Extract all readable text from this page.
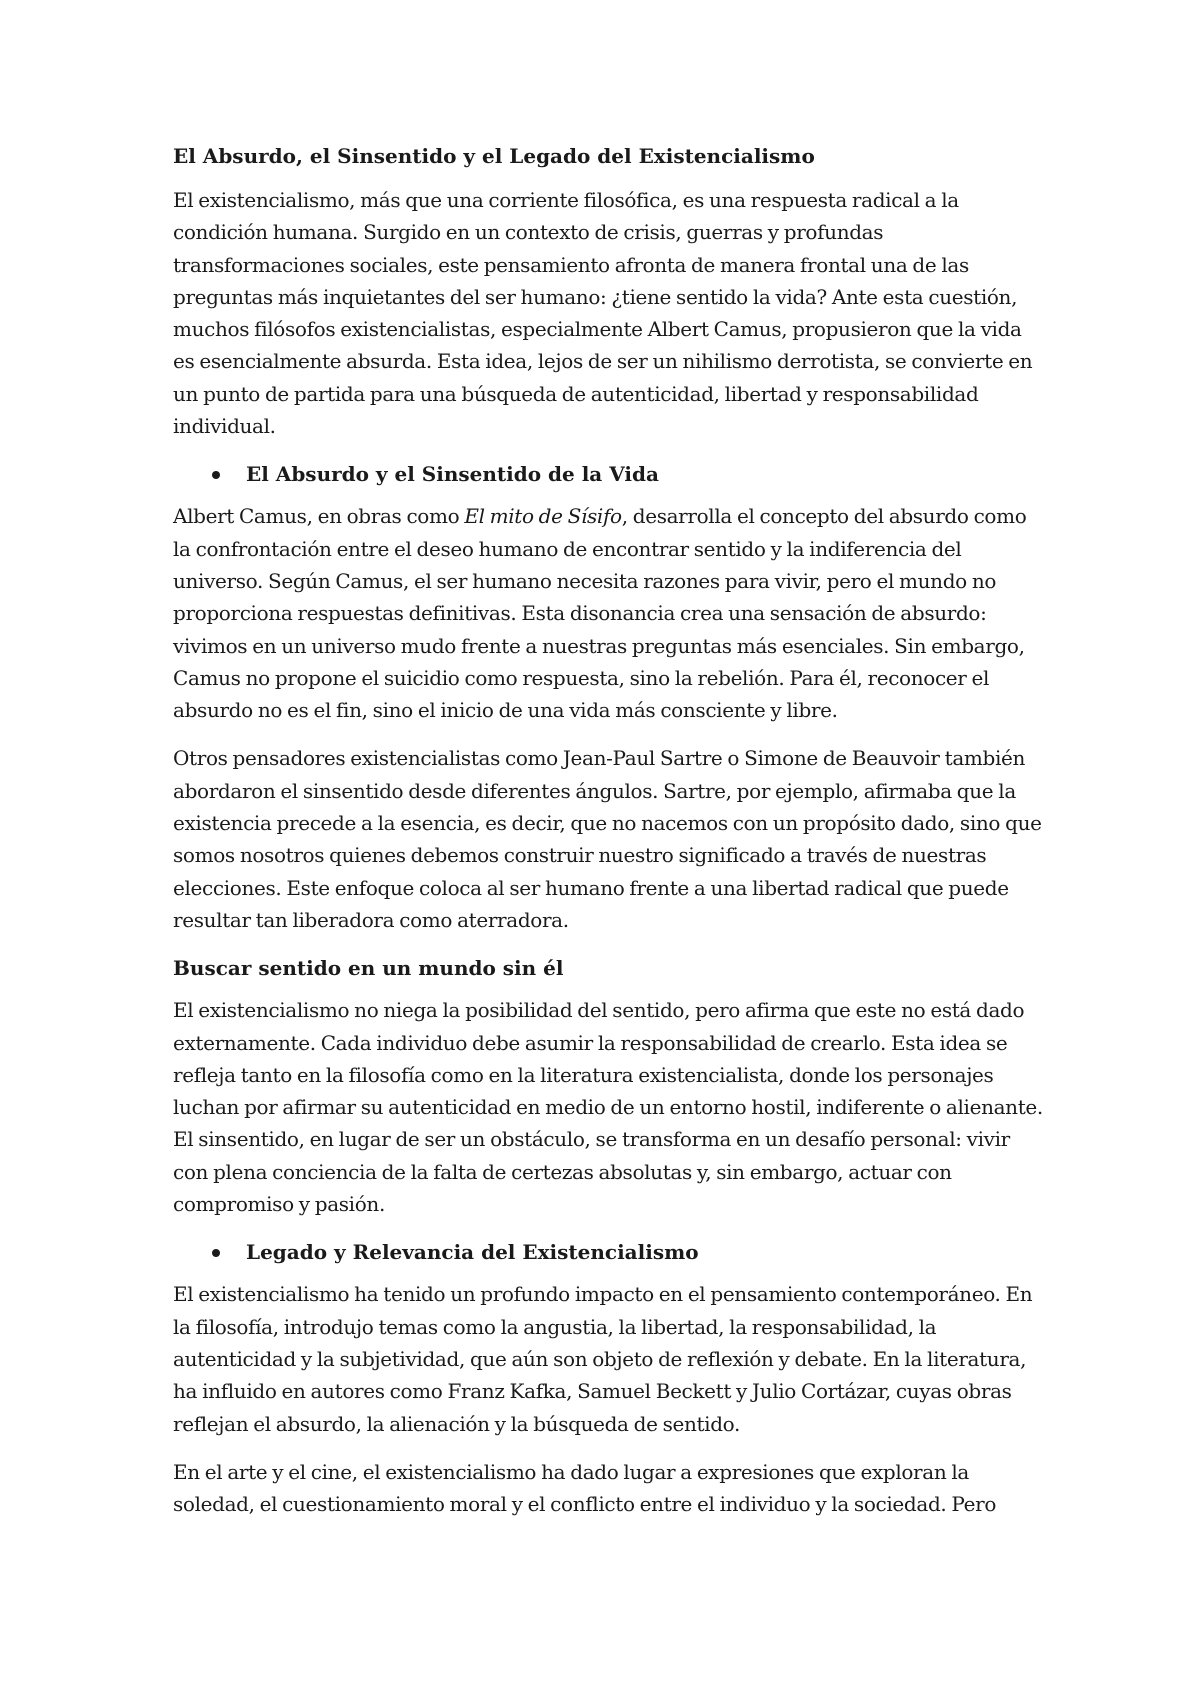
El Absurdo, el Sinsentido y el Legado del Existencialismo

El existencialismo, más que una corriente filosófica, es una respuesta radical a la condición humana. Surgido en un contexto de crisis, guerras y profundas transformaciones sociales, este pensamiento afronta de manera frontal una de las preguntas más inquietantes del ser humano: ¿tiene sentido la vida? Ante esta cuestión, muchos filósofos existencialistas, especialmente Albert Camus, propusieron que la vida es esencialmente absurda. Esta idea, lejos de ser un nihilismo derrotista, se convierte en un punto de partida para una búsqueda de autenticidad, libertad y responsabilidad individual.

El Absurdo y el Sinsentido de la Vida

Albert Camus, en obras como El mito de Sísifo, desarrolla el concepto del absurdo como la confrontación entre el deseo humano de encontrar sentido y la indiferencia del universo. Según Camus, el ser humano necesita razones para vivir, pero el mundo no proporciona respuestas definitivas. Esta disonancia crea una sensación de absurdo: vivimos en un universo mudo frente a nuestras preguntas más esenciales. Sin embargo, Camus no propone el suicidio como respuesta, sino la rebelión. Para él, reconocer el absurdo no es el fin, sino el inicio de una vida más consciente y libre.

Otros pensadores existencialistas como Jean-Paul Sartre o Simone de Beauvoir también abordaron el sinsentido desde diferentes ángulos. Sartre, por ejemplo, afirmaba que la existencia precede a la esencia, es decir, que no nacemos con un propósito dado, sino que somos nosotros quienes debemos construir nuestro significado a través de nuestras elecciones. Este enfoque coloca al ser humano frente a una libertad radical que puede resultar tan liberadora como aterradora.

Buscar sentido en un mundo sin él

El existencialismo no niega la posibilidad del sentido, pero afirma que este no está dado externamente. Cada individuo debe asumir la responsabilidad de crearlo. Esta idea se refleja tanto en la filosofía como en la literatura existencialista, donde los personajes luchan por afirmar su autenticidad en medio de un entorno hostil, indiferente o alienante. El sinsentido, en lugar de ser un obstáculo, se transforma en un desafío personal: vivir con plena conciencia de la falta de certezas absolutas y, sin embargo, actuar con compromiso y pasión.

Legado y Relevancia del Existencialismo

El existencialismo ha tenido un profundo impacto en el pensamiento contemporáneo. En la filosofía, introdujo temas como la angustia, la libertad, la responsabilidad, la autenticidad y la subjetividad, que aún son objeto de reflexión y debate. En la literatura, ha influido en autores como Franz Kafka, Samuel Beckett y Julio Cortázar, cuyas obras reflejan el absurdo, la alienación y la búsqueda de sentido.

En el arte y el cine, el existencialismo ha dado lugar a expresiones que exploran la soledad, el cuestionamiento moral y el conflicto entre el individuo y la sociedad. Pero
